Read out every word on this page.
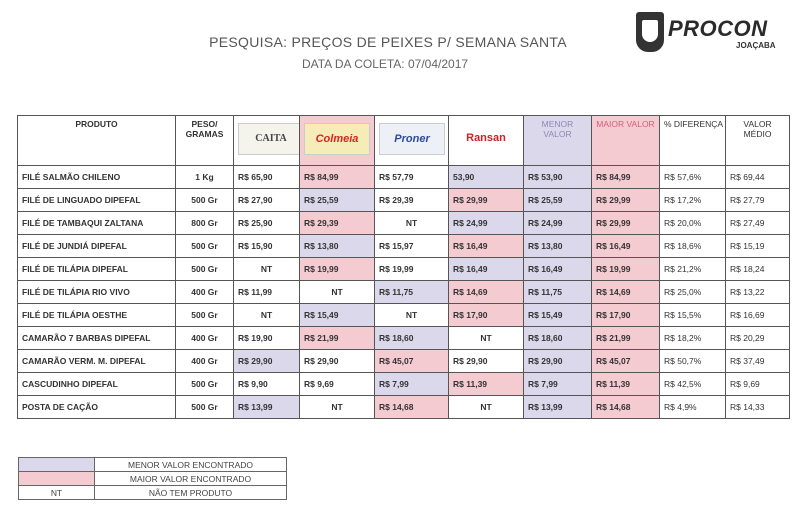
PESQUISA: PREÇOS DE PEIXES P/ SEMANA SANTA
DATA DA COLETA: 07/04/2017
PROCON
JOAÇABA
PRODUTO	PESO/ GRAMAS	CAITA	Colmeia	Proner	Ransan	MENOR VALOR	MAIOR VALOR	% DIFERENÇA	VALOR MÉDIO
FILÉ SALMÃO CHILENO	1 Kg	R$ 65,90	R$ 84,99	R$ 57,79	53,90	R$ 53,90	R$ 84,99	R$ 57,6%	R$ 69,44
FILÉ DE LINGUADO DIPEFAL	500 Gr	R$ 27,90	R$ 25,59	R$ 29,39	R$ 29,99	R$ 25,59	R$ 29,99	R$ 17,2%	R$ 27,79
FILÉ DE TAMBAQUI ZALTANA	800 Gr	R$ 25,90	R$ 29,39	NT	R$ 24,99	R$ 24,99	R$ 29,99	R$ 20,0%	R$ 27,49
FILÉ DE JUNDIÁ DIPEFAL	500 Gr	R$ 15,90	R$ 13,80	R$ 15,97	R$ 16,49	R$ 13,80	R$ 16,49	R$ 18,6%	R$ 15,19
FILÉ DE TILÁPIA DIPEFAL	500 Gr	NT	R$ 19,99	R$ 19,99	R$ 16,49	R$ 16,49	R$ 19,99	R$ 21,2%	R$ 18,24
FILÉ DE TILÁPIA RIO VIVO	400 Gr	R$ 11,99	NT	R$ 11,75	R$ 14,69	R$ 11,75	R$ 14,69	R$ 25,0%	R$ 13,22
FILÉ DE TILÁPIA OESTHE	500 Gr	NT	R$ 15,49	NT	R$ 17,90	R$ 15,49	R$ 17,90	R$ 15,5%	R$ 16,69
CAMARÃO 7 BARBAS DIPEFAL	400 Gr	R$ 19,90	R$ 21,99	R$ 18,60	NT	R$ 18,60	R$ 21,99	R$ 18,2%	R$ 20,29
CAMARÃO VERM. M. DIPEFAL	400 Gr	R$ 29,90	R$ 29,90	R$ 45,07	R$ 29,90	R$ 29,90	R$ 45,07	R$ 50,7%	R$ 37,49
CASCUDINHO DIPEFAL	500 Gr	R$ 9,90	R$ 9,69	R$ 7,99	R$ 11,39	R$ 7,99	R$ 11,39	R$ 42,5%	R$ 9,69
POSTA DE CAÇÃO	500 Gr	R$ 13,99	NT	R$ 14,68	NT	R$ 13,99	R$ 14,68	R$ 4,9%	R$ 14,33
	MENOR VALOR ENCONTRADO
	MAIOR VALOR ENCONTRADO
NT	NÃO TEM PRODUTO
